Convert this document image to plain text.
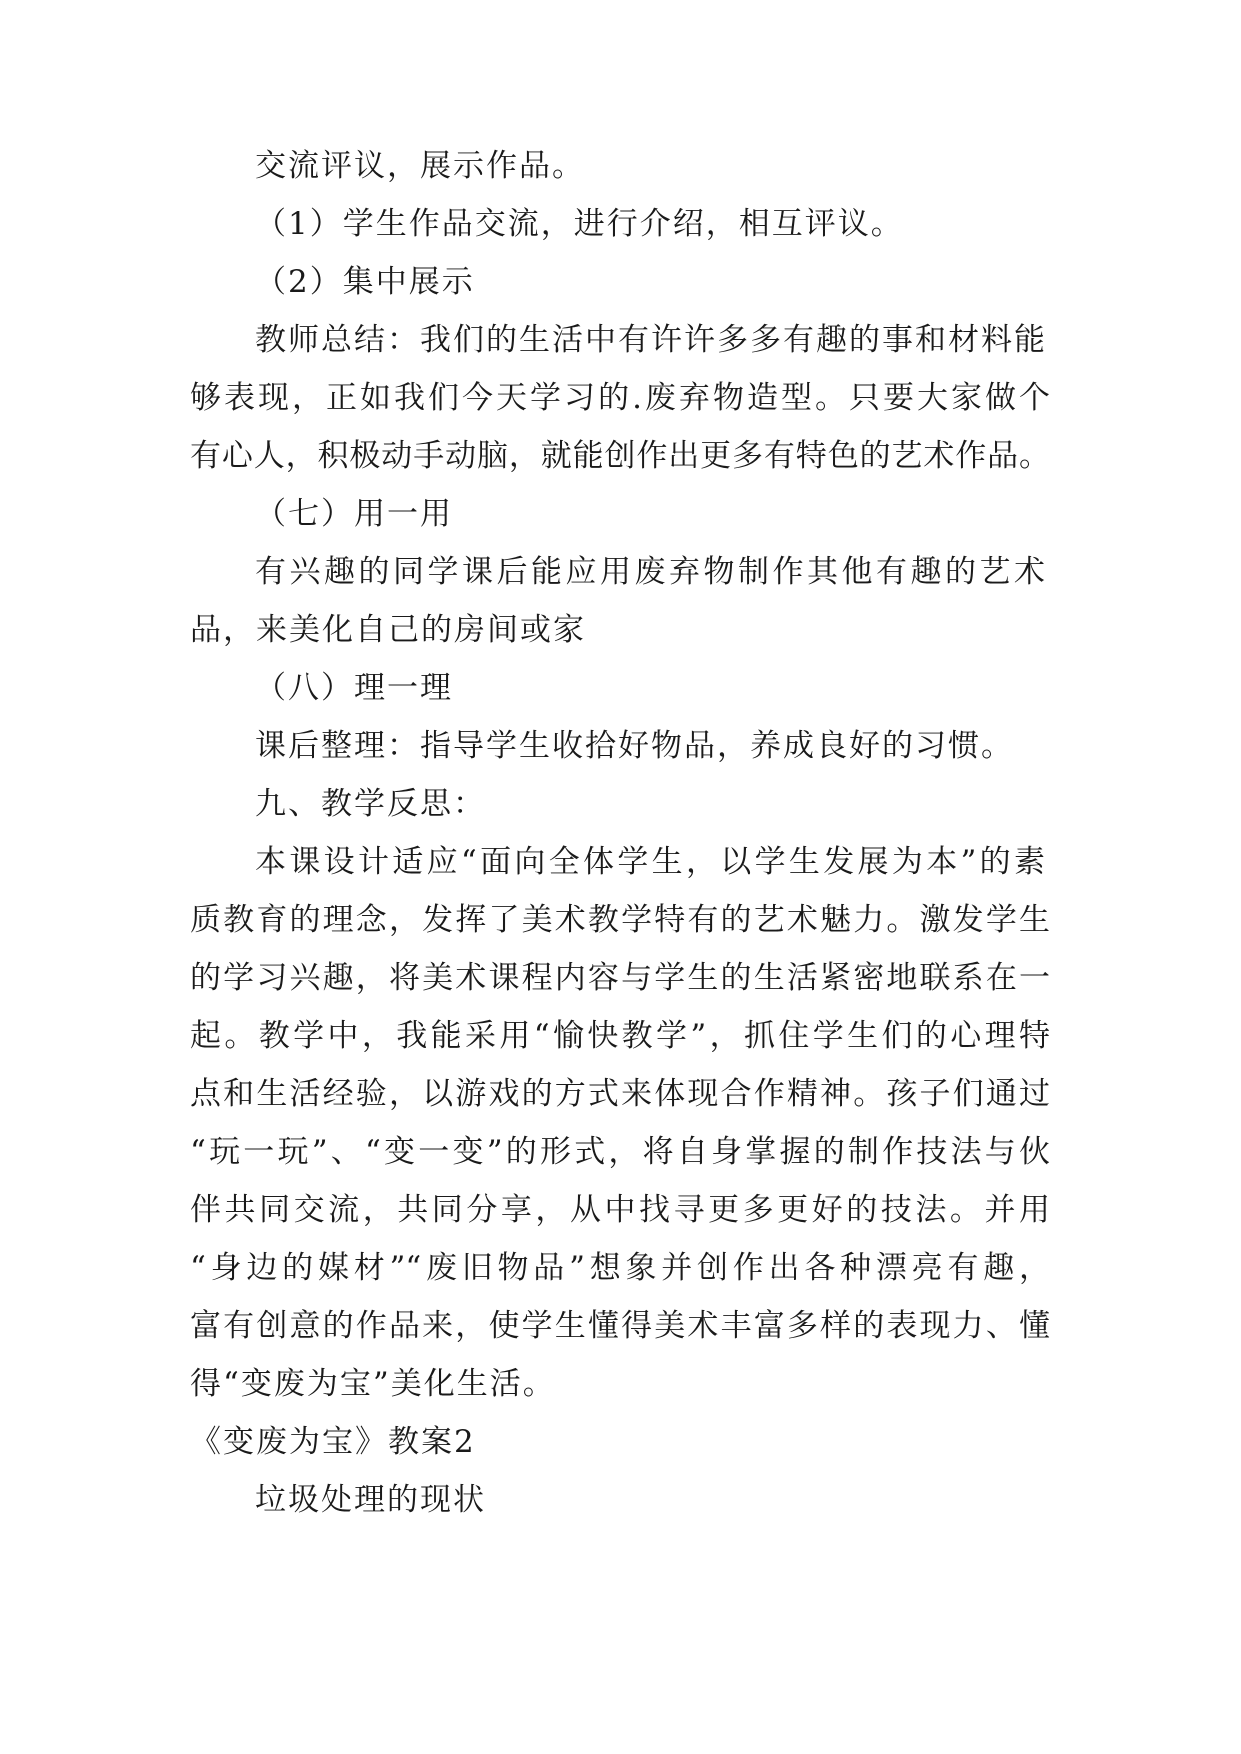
交流评议，展示作品。
（1）学生作品交流，进行介绍，相互评议。
（2）集中展示
教师总结：我们的生活中有许许多多有趣的事和材料能
够表现，正如我们今天学习的.废弃物造型。只要大家做个
有心人，积极动手动脑，就能创作出更多有特色的艺术作品。
（七）用一用
有兴趣的同学课后能应用废弃物制作其他有趣的艺术
品，来美化自己的房间或家
（八）理一理
课后整理：指导学生收拾好物品，养成良好的习惯。
九、教学反思：
本课设计适应“面向全体学生，以学生发展为本”的素
质教育的理念，发挥了美术教学特有的艺术魅力。激发学生
的学习兴趣，将美术课程内容与学生的生活紧密地联系在一
起。教学中，我能采用“愉快教学”，抓住学生们的心理特
点和生活经验，以游戏的方式来体现合作精神。孩子们通过
“玩一玩”、“变一变”的形式，将自身掌握的制作技法与伙
伴共同交流，共同分享，从中找寻更多更好的技法。并用
“身边的媒材”“废旧物品”想象并创作出各种漂亮有趣，
富有创意的作品来，使学生懂得美术丰富多样的表现力、懂
得“变废为宝”美化生活。
《变废为宝》教案2
垃圾处理的现状
